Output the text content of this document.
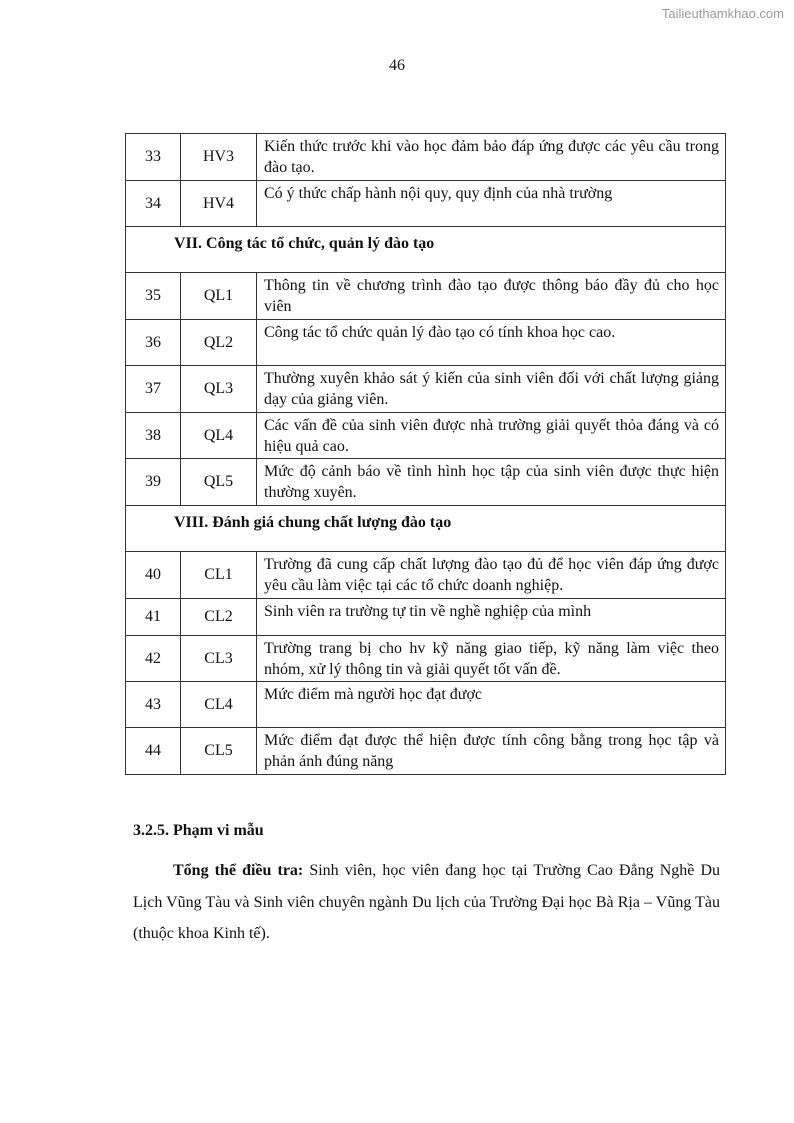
Tailieuthamkhao.com
46
33	HV3	Kiến thức trước khi vào học đảm bảo đáp ứng được các yêu cầu trong đào tạo.
34	HV4	Có ý thức chấp hành nội quy, quy định của nhà trường
VII. Công tác tổ chức, quản lý đào tạo		
35	QL1	Thông tin về chương trình đào tạo được thông báo đầy đủ cho học viên
36	QL2	Công tác tổ chức quản lý đào tạo có tính khoa học cao.
37	QL3	Thường xuyên khảo sát ý kiến của sinh viên đối với chất lượng giảng dạy của giảng viên.
38	QL4	Các vấn đề của sinh viên được nhà trường giải quyết thỏa đáng và có hiệu quả cao.
39	QL5	Mức độ cảnh báo về tình hình học tập của sinh viên được thực hiện thường xuyên.
VIII. Đánh giá chung chất lượng đào tạo		
40	CL1	Trường đã cung cấp chất lượng đào tạo đủ để học viên đáp ứng được yêu cầu làm việc tại các tổ chức doanh nghiệp.
41	CL2	Sinh viên ra trường tự tin về nghề nghiệp của mình
42	CL3	Trường trang bị cho hv kỹ năng giao tiếp, kỹ năng làm việc theo nhóm, xử lý thông tin và giải quyết tốt vấn đề.
43	CL4	Mức điểm mà người học đạt được
44	CL5	Mức điểm đạt được thể hiện được tính công bằng trong học tập và phản ánh đúng năng
3.2.5. Phạm vi mẫu
Tổng thể điều tra: Sinh viên, học viên đang học tại Trường Cao Đẳng Nghề Du Lịch Vũng Tàu và Sinh viên chuyên ngành Du lịch của Trường Đại học Bà Rịa – Vũng Tàu (thuộc khoa Kinh tế).
